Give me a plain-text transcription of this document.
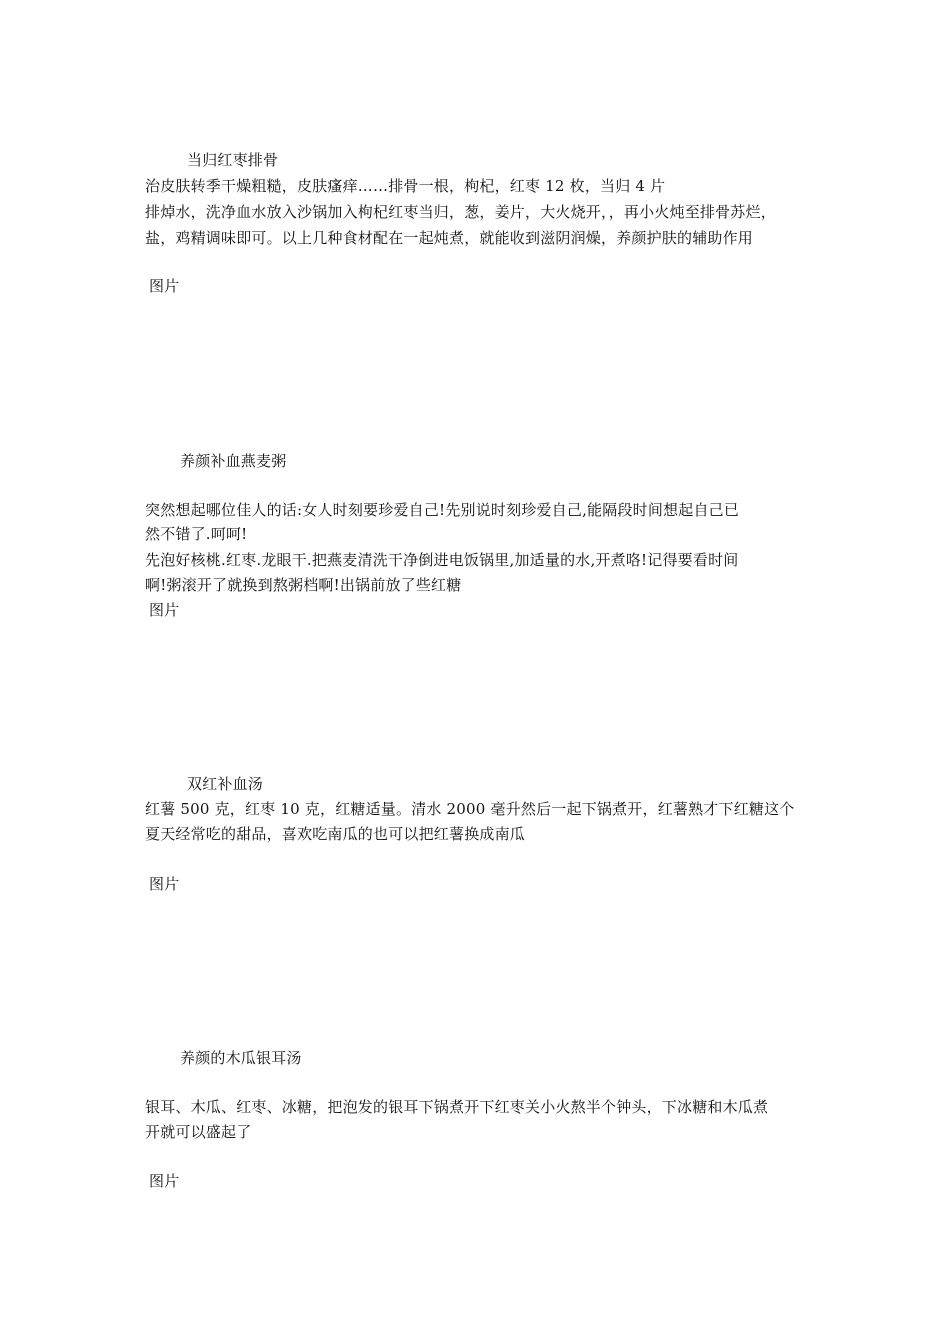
当归红枣排骨
治皮肤转季干燥粗糙，皮肤瘙痒……排骨一根，枸杞，红枣 12 枚，当归 4 片
排焯水，洗净血水放入沙锅加入枸杞红枣当归，葱，姜片，大火烧开，，再小火炖至排骨苏烂，
盐，鸡精调味即可。以上几种食材配在一起炖煮，就能收到滋阴润燥，养颜护肤的辅助作用
图片
养颜补血燕麦粥
突然想起哪位佳人的话:女人时刻要珍爱自己!先别说时刻珍爱自己,能隔段时间想起自己已
然不错了.呵呵!
先泡好核桃.红枣.龙眼干.把燕麦清洗干净倒进电饭锅里,加适量的水,开煮咯!记得要看时间
啊!粥滚开了就换到熬粥档啊!出锅前放了些红糖
图片
双红补血汤
红薯 500 克，红枣 10 克，红糖适量。清水 2000 毫升然后一起下锅煮开，红薯熟才下红糖这个
夏天经常吃的甜品，喜欢吃南瓜的也可以把红薯换成南瓜
图片
养颜的木瓜银耳汤
银耳、木瓜、红枣、冰糖，把泡发的银耳下锅煮开下红枣关小火熬半个钟头，下冰糖和木瓜煮
开就可以盛起了
图片
